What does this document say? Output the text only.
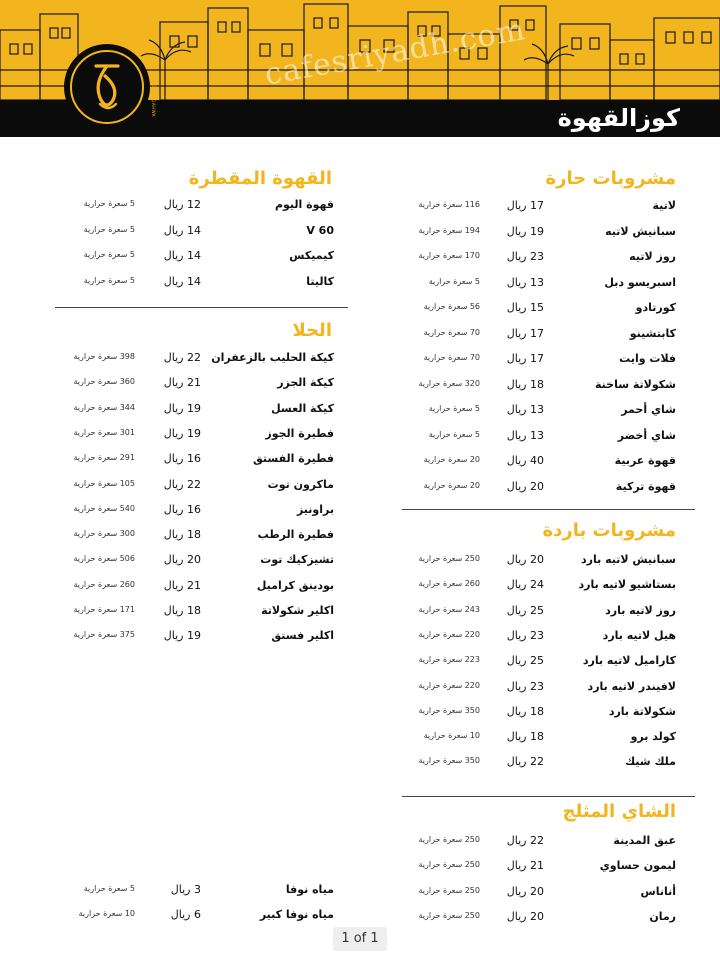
كوزالقهوة
KOOZ ALQAHWA
cafesriyadh.com
مشروبات حارة
لاتية
17 ريال
116 سعرة حرارية
سبانيش لاتيه
19 ريال
194 سعرة حرارية
روز لاتيه
23 ريال
170 سعرة حرارية
اسبريسو دبل
13 ريال
5 سعرة حرارية
كورتادو
15 ريال
56 سعرة حرارية
كابتشينو
17 ريال
70 سعرة حرارية
فلات وايت
17 ريال
70 سعرة حرارية
شكولاتة ساخنة
18 ريال
320 سعرة حرارية
شاي أحمر
13 ريال
5 سعرة حرارية
شاي أخضر
13 ريال
5 سعرة حرارية
قهوة عربية
40 ريال
20 سعرة حرارية
قهوة تركية
20 ريال
20 سعرة حرارية
مشروبات باردة
سبانيش لاتيه بارد
20 ريال
250 سعرة حرارية
بستاشيو لاتيه بارد
24 ريال
260 سعرة حرارية
روز لاتيه بارد
25 ريال
243 سعرة حرارية
هيل لاتيه بارد
23 ريال
220 سعرة حرارية
كاراميل لاتيه بارد
25 ريال
223 سعرة حرارية
لافيندر لاتيه بارد
23 ريال
220 سعرة حرارية
شكولاتة بارد
18 ريال
350 سعرة حرارية
كولد برو
18 ريال
10 سعرة حرارية
ملك شيك
22 ريال
350 سعرة حرارية
الشاي المثلج
عبق المدينة
22 ريال
250 سعرة حرارية
ليمون حساوي
21 ريال
250 سعرة حرارية
أناناس
20 ريال
250 سعرة حرارية
رمان
20 ريال
250 سعرة حرارية
القهوة المقطرة
قهوة اليوم
12 ريال
5 سعرة حرارية
V 60
14 ريال
5 سعرة حرارية
كيميكس
14 ريال
5 سعرة حرارية
كاليتا
14 ريال
5 سعرة حرارية
الحلا
كيكة الحليب بالزعفران
22 ريال
398 سعرة حرارية
كيكة الجزر
21 ريال
360 سعرة حرارية
كيكة العسل
19 ريال
344 سعرة حرارية
فطيرة الجوز
19 ريال
301 سعرة حرارية
فطيرة الفستق
16 ريال
291 سعرة حرارية
ماكرون توت
22 ريال
105 سعرة حرارية
براونيز
16 ريال
540 سعرة حرارية
فطيرة الرطب
18 ريال
300 سعرة حرارية
تشيزكيك توت
20 ريال
506 سعرة حرارية
بودينق كراميل
21 ريال
260 سعرة حرارية
اكلير شكولاتة
18 ريال
171 سعرة حرارية
اكلير فستق
19 ريال
375 سعرة حرارية
مياه نوفا
3 ريال
5 سعرة حرارية
مياه نوفا كبير
6 ريال
10 سعرة حرارية
1 of 1
